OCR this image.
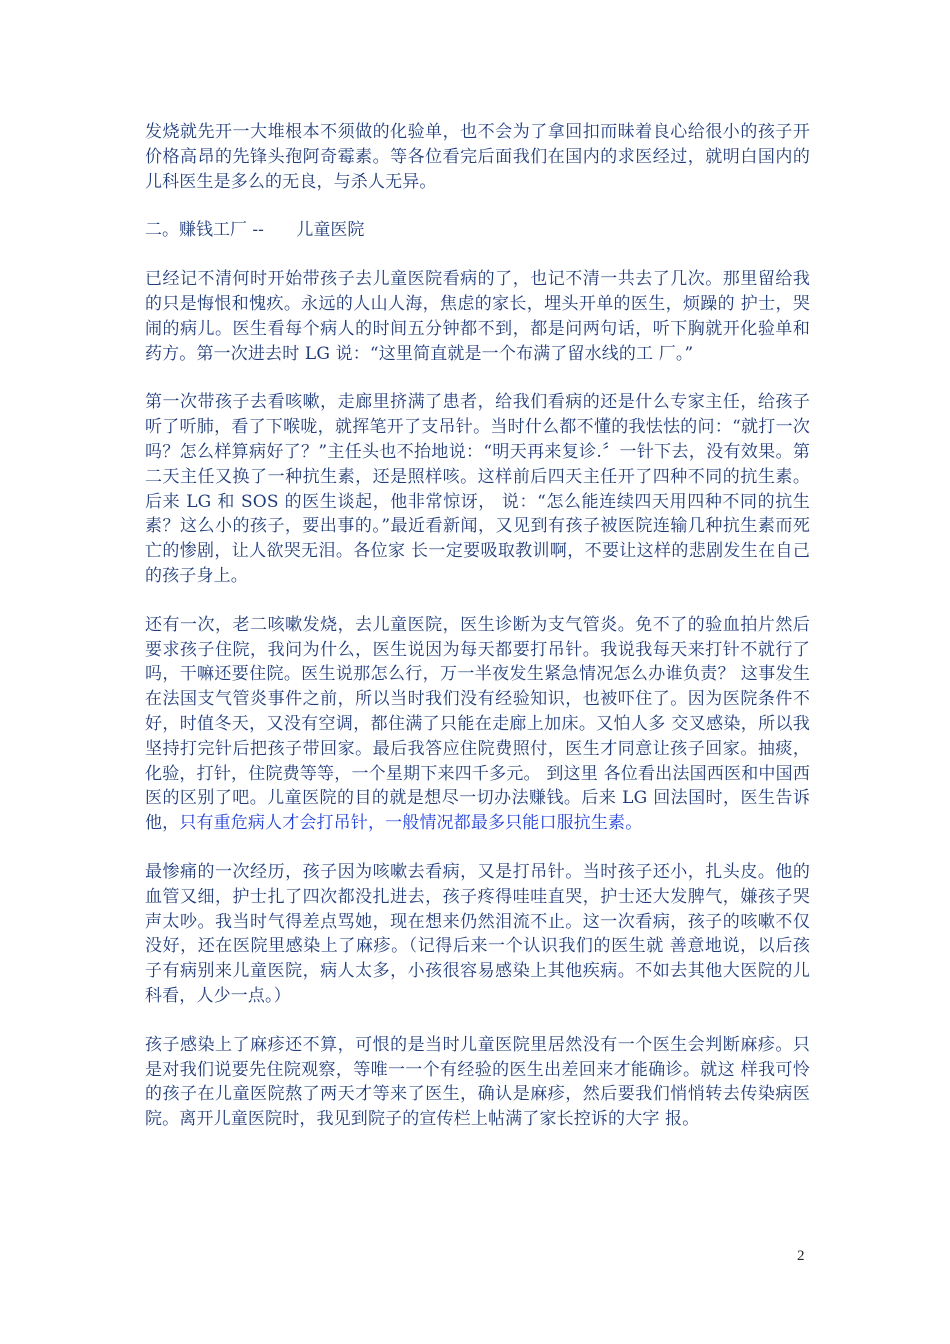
发烧就先开一大堆根本不须做的化验单，也不会为了拿回扣而昧着良心给很小的孩子开价格高昂的先锋头孢阿奇霉素。等各位看完后面我们在国内的求医经过，就明白国内的儿科医生是多么的无良，与杀人无异。

二。赚钱工厂 --      儿童医院

已经记不清何时开始带孩子去儿童医院看病的了，也记不清一共去了几次。那里留给我的只是悔恨和愧疚。永远的人山人海，焦虑的家长，埋头开单的医生，烦躁的 护士，哭闹的病儿。医生看每个病人的时间五分钟都不到，都是问两句话，听下胸就开化验单和药方。第一次进去时 LG 说：“这里简直就是一个布满了留水线的工 厂。”

第一次带孩子去看咳嗽，走廊里挤满了患者，给我们看病的还是什么专家主任，给孩子听了听肺，看了下喉咙，就挥笔开了支吊针。当时什么都不懂的我怯怯的问：“就打一次吗？怎么样算病好了？”主任头也不抬地说：“明天再来复诊.〞一针下去，没有效果。第二天主任又换了一种抗生素，还是照样咳。这样前后四天主任开了四种不同的抗生素。后来 LG 和 SOS 的医生谈起，他非常惊讶， 说：“怎么能连续四天用四种不同的抗生素？这么小的孩子，要出事的。”最近看新闻，又见到有孩子被医院连输几种抗生素而死亡的惨剧，让人欲哭无泪。各位家 长一定要吸取教训啊，不要让这样的悲剧发生在自己的孩子身上。

还有一次，老二咳嗽发烧，去儿童医院，医生诊断为支气管炎。免不了的验血拍片然后要求孩子住院，我问为什么，医生说因为每天都要打吊针。我说我每天来打针不就行了吗，干嘛还要住院。医生说那怎么行，万一半夜发生紧急情况怎么办谁负责？ 这事发生在法国支气管炎事件之前，所以当时我们没有经验知识，也被吓住了。因为医院条件不好，时值冬天，又没有空调，都住满了只能在走廊上加床。又怕人多 交叉感染，所以我坚持打完针后把孩子带回家。最后我答应住院费照付，医生才同意让孩子回家。抽痰，化验，打针，住院费等等，一个星期下来四千多元。 到这里 各位看出法国西医和中国西医的区别了吧。儿童医院的目的就是想尽一切办法赚钱。后来 LG 回法国时，医生告诉他，只有重危病人才会打吊针，一般情况都最多只能口服抗生素。

最惨痛的一次经历，孩子因为咳嗽去看病，又是打吊针。当时孩子还小，扎头皮。他的血管又细，护士扎了四次都没扎进去，孩子疼得哇哇直哭，护士还大发脾气，嫌孩子哭声太吵。我当时气得差点骂她，现在想来仍然泪流不止。这一次看病，孩子的咳嗽不仅没好，还在医院里感染上了麻疹。（记得后来一个认识我们的医生就 善意地说，以后孩子有病别来儿童医院，病人太多，小孩很容易感染上其他疾病。不如去其他大医院的儿科看，人少一点。）

孩子感染上了麻疹还不算，可恨的是当时儿童医院里居然没有一个医生会判断麻疹。只是对我们说要先住院观察，等唯一一个有经验的医生出差回来才能确诊。就这 样我可怜的孩子在儿童医院熬了两天才等来了医生，确认是麻疹，然后要我们悄悄转去传染病医院。离开儿童医院时，我见到院子的宣传栏上帖满了家长控诉的大字 报。

2
